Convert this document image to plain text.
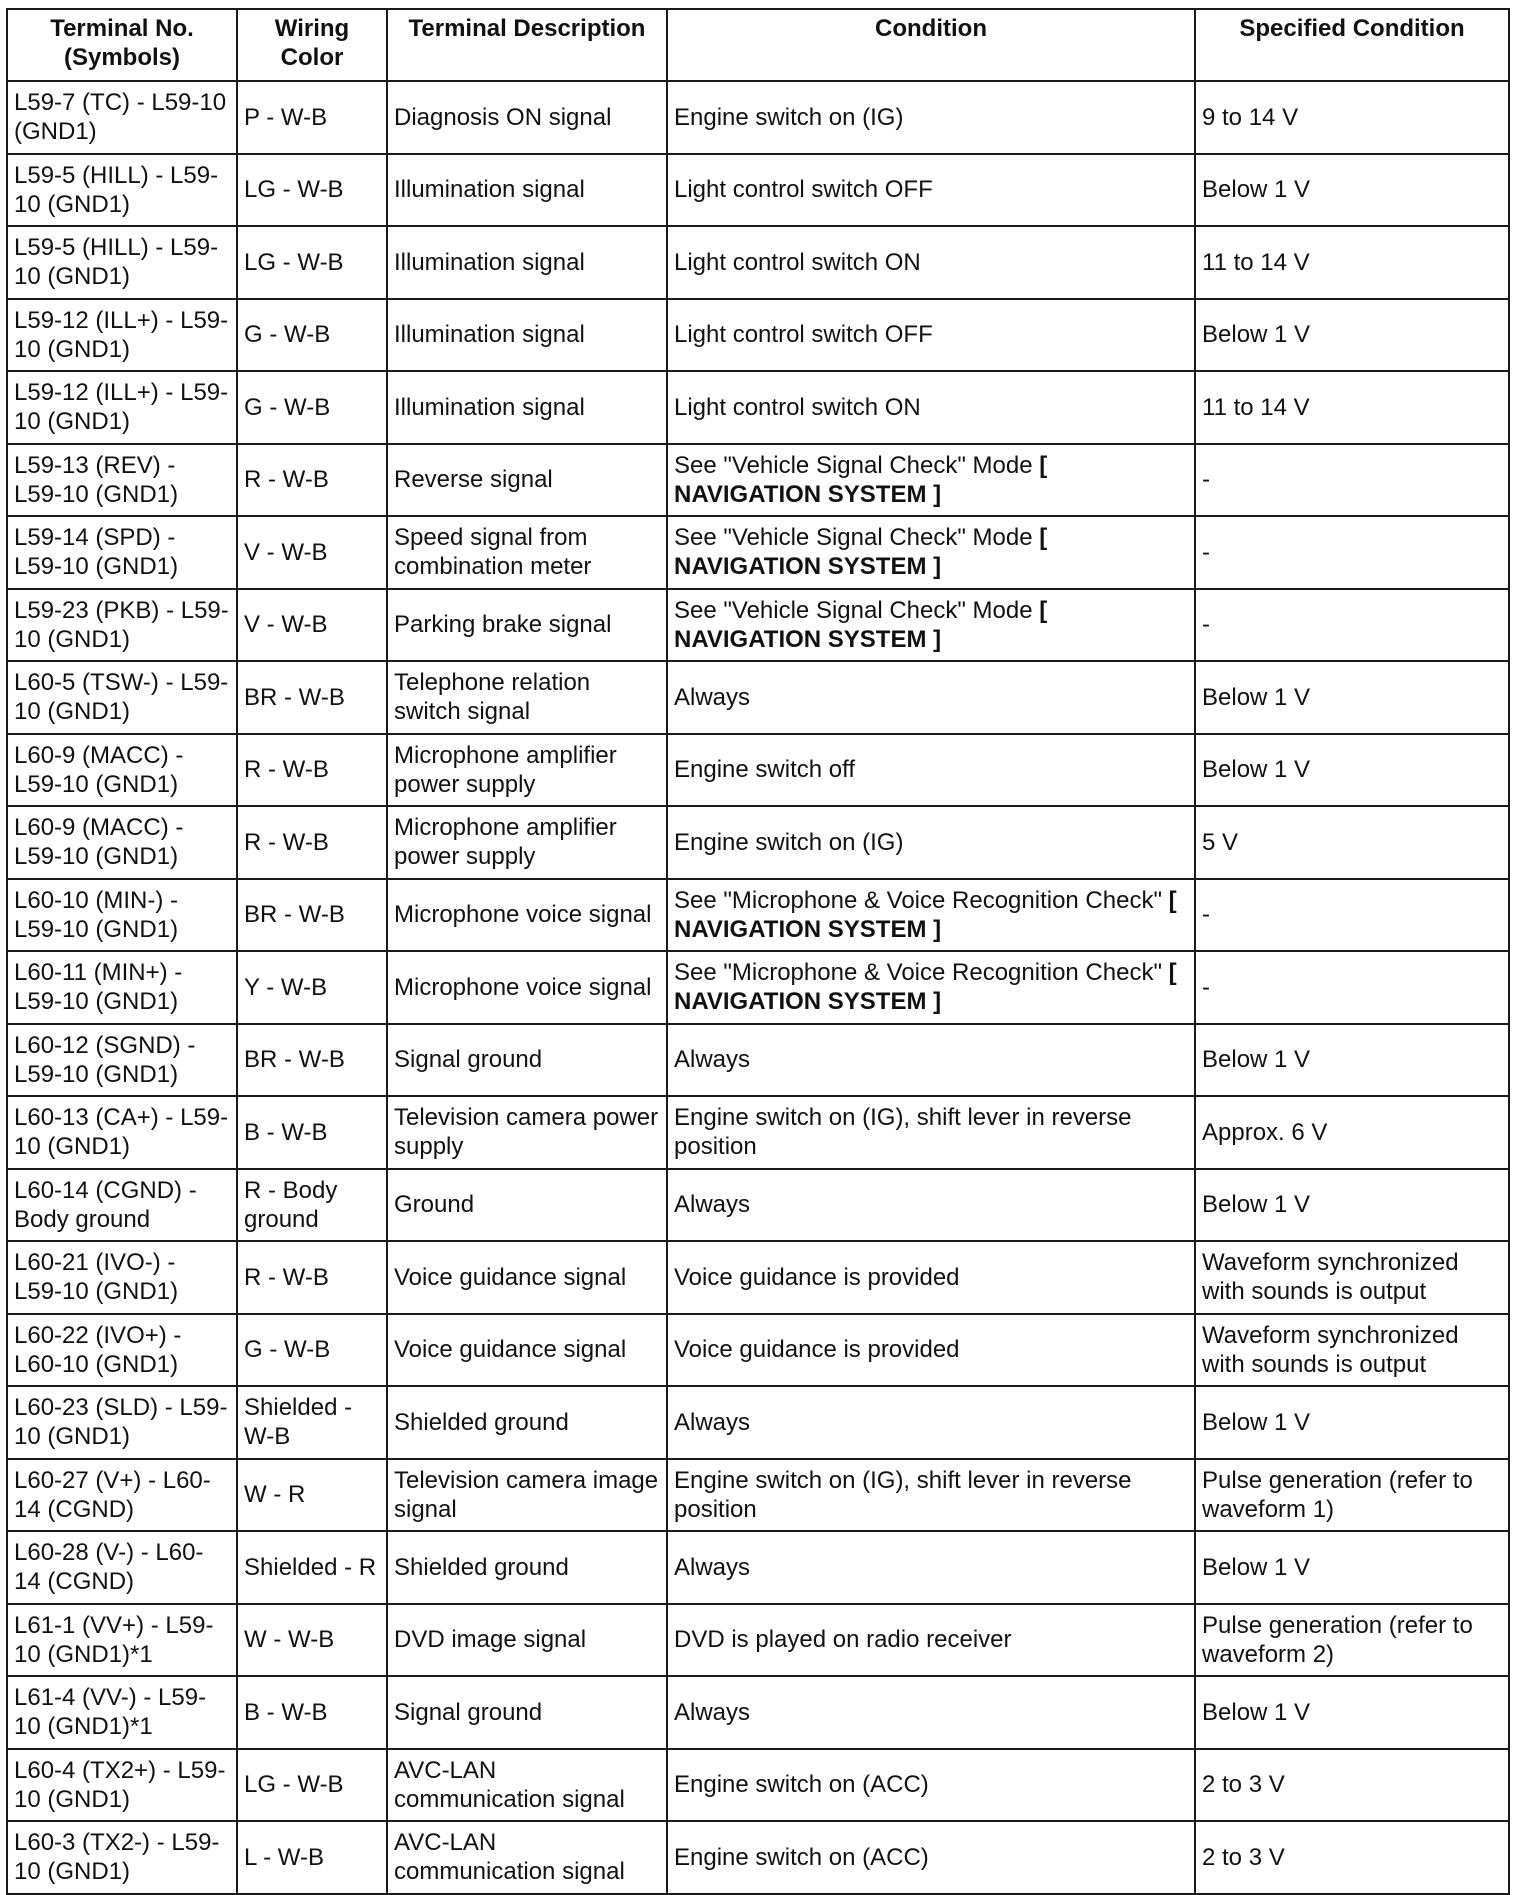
Terminal No. (Symbols)	Wiring Color	Terminal Description	Condition	Specified Condition
L59-7 (TC) - L59-10 (GND1)	P - W-B	Diagnosis ON signal	Engine switch on (IG)	9 to 14 V
L59-5 (HILL) - L59-10 (GND1)	LG - W-B	Illumination signal	Light control switch OFF	Below 1 V
L59-5 (HILL) - L59-10 (GND1)	LG - W-B	Illumination signal	Light control switch ON	11 to 14 V
L59-12 (ILL+) - L59-10 (GND1)	G - W-B	Illumination signal	Light control switch OFF	Below 1 V
L59-12 (ILL+) - L59-10 (GND1)	G - W-B	Illumination signal	Light control switch ON	11 to 14 V
L59-13 (REV) - L59-10 (GND1)	R - W-B	Reverse signal	See "Vehicle Signal Check" Mode [ NAVIGATION SYSTEM ]	-
L59-14 (SPD) - L59-10 (GND1)	V - W-B	Speed signal from combination meter	See "Vehicle Signal Check" Mode [ NAVIGATION SYSTEM ]	-
L59-23 (PKB) - L59-10 (GND1)	V - W-B	Parking brake signal	See "Vehicle Signal Check" Mode [ NAVIGATION SYSTEM ]	-
L60-5 (TSW-) - L59-10 (GND1)	BR - W-B	Telephone relation switch signal	Always	Below 1 V
L60-9 (MACC) - L59-10 (GND1)	R - W-B	Microphone amplifier power supply	Engine switch off	Below 1 V
L60-9 (MACC) - L59-10 (GND1)	R - W-B	Microphone amplifier power supply	Engine switch on (IG)	5 V
L60-10 (MIN-) - L59-10 (GND1)	BR - W-B	Microphone voice signal	See "Microphone & Voice Recognition Check" [ NAVIGATION SYSTEM ]	-
L60-11 (MIN+) - L59-10 (GND1)	Y - W-B	Microphone voice signal	See "Microphone & Voice Recognition Check" [ NAVIGATION SYSTEM ]	-
L60-12 (SGND) - L59-10 (GND1)	BR - W-B	Signal ground	Always	Below 1 V
L60-13 (CA+) - L59-10 (GND1)	B - W-B	Television camera power supply	Engine switch on (IG), shift lever in reverse position	Approx. 6 V
L60-14 (CGND) - Body ground	R - Body ground	Ground	Always	Below 1 V
L60-21 (IVO-) - L59-10 (GND1)	R - W-B	Voice guidance signal	Voice guidance is provided	Waveform synchronized with sounds is output
L60-22 (IVO+) - L60-10 (GND1)	G - W-B	Voice guidance signal	Voice guidance is provided	Waveform synchronized with sounds is output
L60-23 (SLD) - L59-10 (GND1)	Shielded - W-B	Shielded ground	Always	Below 1 V
L60-27 (V+) - L60-14 (CGND)	W - R	Television camera image signal	Engine switch on (IG), shift lever in reverse position	Pulse generation (refer to waveform 1)
L60-28 (V-) - L60-14 (CGND)	Shielded - R	Shielded ground	Always	Below 1 V
L61-1 (VV+) - L59-10 (GND1)*1	W - W-B	DVD image signal	DVD is played on radio receiver	Pulse generation (refer to waveform 2)
L61-4 (VV-) - L59-10 (GND1)*1	B - W-B	Signal ground	Always	Below 1 V
L60-4 (TX2+) - L59-10 (GND1)	LG - W-B	AVC-LAN communication signal	Engine switch on (ACC)	2 to 3 V
L60-3 (TX2-) - L59-10 (GND1)	L - W-B	AVC-LAN communication signal	Engine switch on (ACC)	2 to 3 V
